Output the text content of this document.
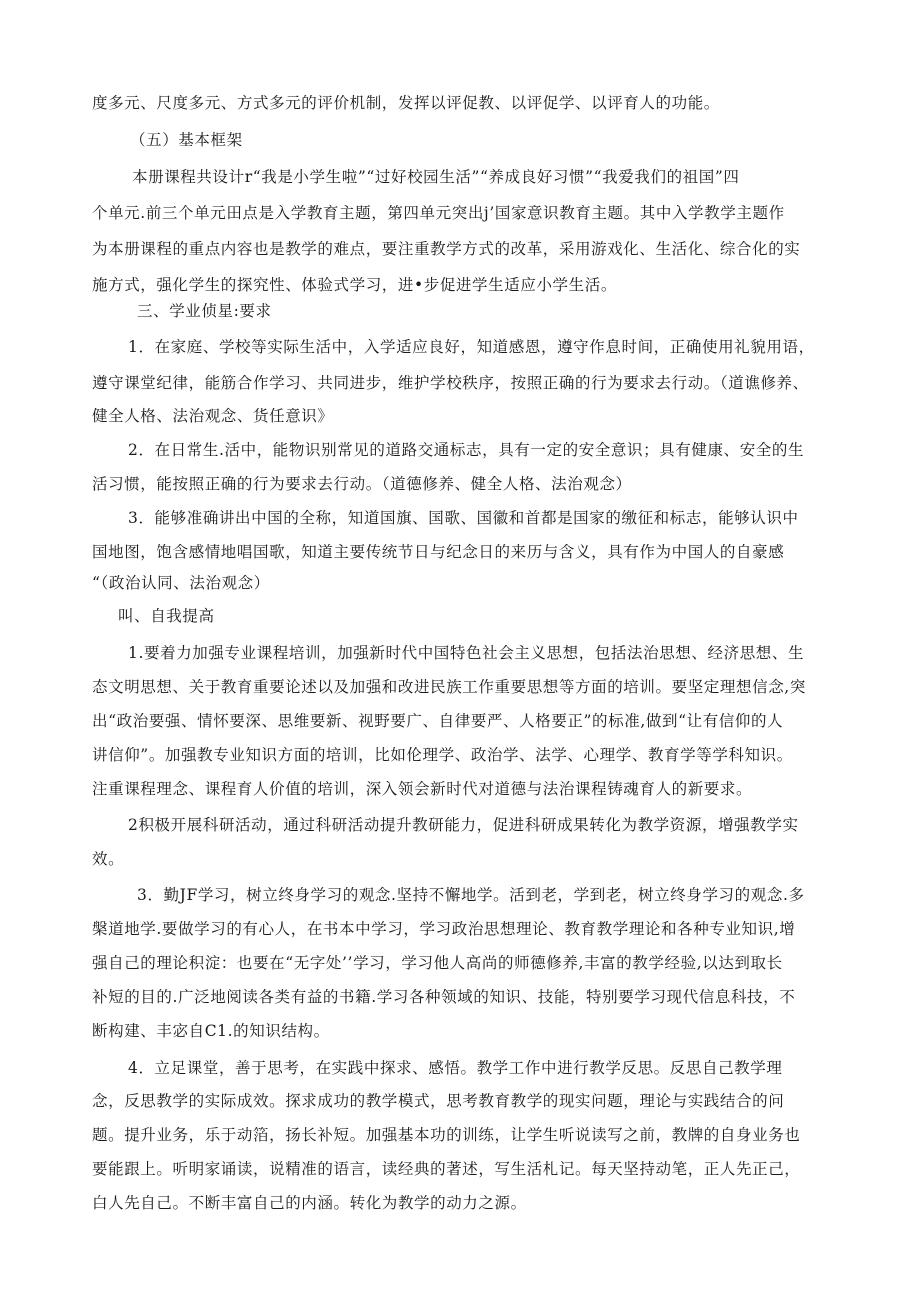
度多元、尺度多元、方式多元的评价机制，发挥以评促教、以评促学、以评育人的功能。
（五）基本框架
本册课程共设计r“我是小学生啦”“过好校园生活”“养成良好习惯”“我爱我们的祖国”四
个单元.前三个单元田点是入学教育主题，第四单元突出j’国家意识教育主题。其中入学教学主题作
为本册课程的重点内容也是教学的难点，要注重教学方式的改革，采用游戏化、生活化、综合化的实
施方式，强化学生的探究性、体验式学习，进•步促进学生适应小学生活。
三、学业侦星:要求
1．在家庭、学校等实际生活中，入学适应良好，知道感恩，遵守作息时间，正确使用礼貌用语，
遵守课堂纪律，能筋合作学习、共同进步，维护学校秩序，按照正确的行为要求去行动。（道谯修养、
健全人格、法治观念、货任意识》
2．在日常生.活中，能物识别常见的道路交通标志，具有一定的安全意识；具有健康、安全的生
活习惯，能按照正确的行为要求去行动。（道德修养、健全人格、法治观念）
3．能够准确讲出中国的全称，知道国旗、国歌、国徽和首都是国家的缴征和标志，能够认识中
国地图，饱含感情地唱国歌，知道主要传统节日与纪念日的来历与含义，具有作为中国人的自豪感
“（政治认同、法治观念）
叫、自我提高
1.要着力加强专业课程培训，加强新时代中国特色社会主义思想，包括法治思想、经济思想、生
态文明思想、关于教育重要论述以及加强和改进民族工作重要思想等方面的培训。要坚定理想信念,突
出“政治要强、情怀要深、思维要新、视野要广、自律要严、人格要正”的标准,做到“让有信仰的人
讲信仰”。加强教专业知识方面的培训，比如伦理学、政治学、法学、心理学、教育学等学科知识。
注重课程理念、课程育人价值的培训，深入领会新时代对道德与法治课程铸魂育人的新要求。
2积极开展科研活动，通过科研活动提升教研能力，促进科研成果转化为教学资源，增强教学实
效。
3．勤JF学习，树立终身学习的观念.坚持不懈地学。活到老，学到老，树立终身学习的观念.多
槃道地学.要做学习的有心人，在书本中学习，学习政治思想理论、教育教学理论和各种专业知识,增
强自己的理论积淀：也要在“无字处’’学习，学习他人高尚的师德修养,丰富的教学经验,以达到取长
补短的目的.广泛地阅读各类有益的书籍.学习各种领域的知识、技能，特别要学习现代信息科技，不
断构建、丰宓自C1.的知识结构。
4．立足课堂，善于思考，在实践中探求、感悟。教学工作中进行教学反思。反思自己教学理
念，反思教学的实际成效。探求成功的教学模式，思考教育教学的现实问题，理论与实践结合的问
题。提升业务，乐于动箔，扬长补短。加强基本功的训练，让学生听说读写之前，教牌的自身业务也
要能跟上。听明家诵读，说精准的语言，读经典的著述，写生活札记。每天坚持动笔，正人先正己，
白人先自己。不断丰富自己的内涵。转化为教学的动力之源。
